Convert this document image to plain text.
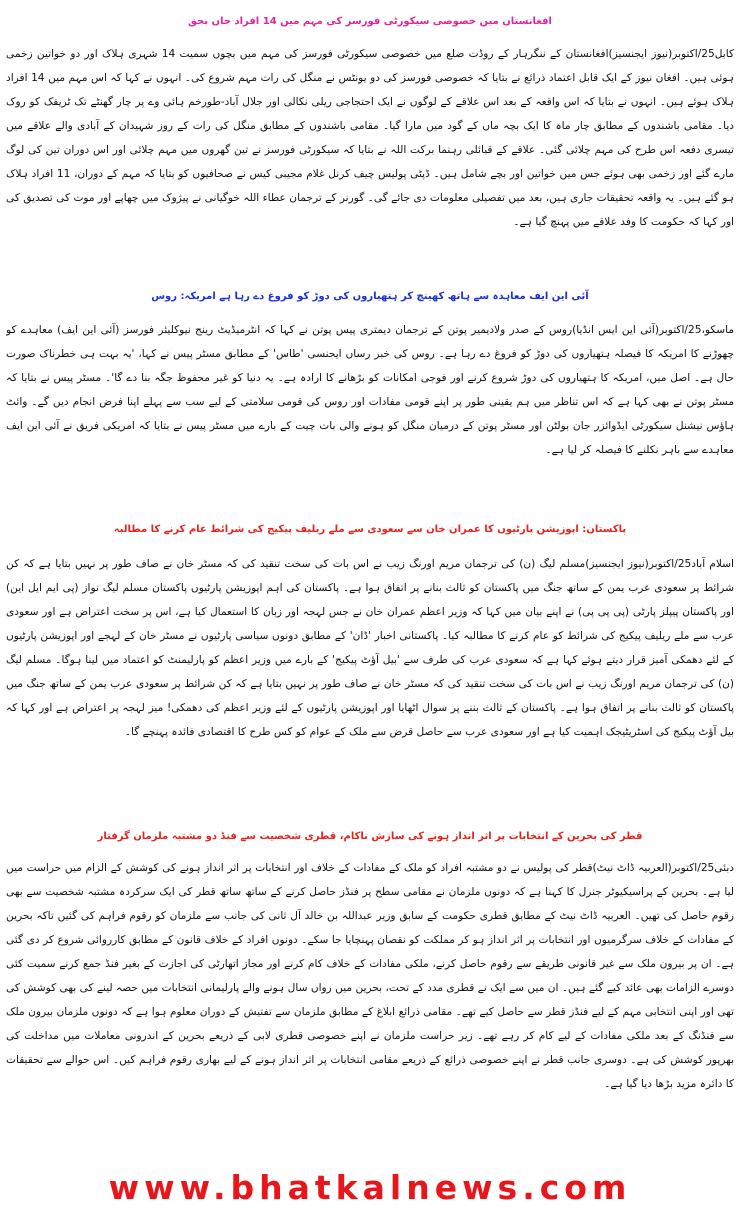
افغانستان میں خصوصی سیکورٹی فورسز کی مہم میں 14 افراد جاں بحق
کابل25/اکتوبر(نیوز ایجنسیز)افغانستان کے ننگرہار کے روڈت ضلع میں خصوصی سیکورٹی فورسز کی مہم میں بچوں سمیت 14 شہری ہلاک اور دو خواتین زخمی ہوئی ہیں۔ افغان نیوز کے ایک قابل اعتماد ذرائع نے بتایا کہ خصوصی فورسز کی دو یونٹس نے منگل کی رات مہم شروع کی۔ انہوں نے کہا کہ اس مہم میں 14 افراد ہلاک ہوئے ہیں۔ انہوں نے بتایا کہ اس واقعہ کے بعد اس علاقے کے لوگوں نے ایک احتجاجی ریلی نکالی اور جلال آباد-طورخم ہائی وے پر چار گھنٹے تک ٹریفک کو روک دیا۔ مقامی باشندوں کے مطابق چار ماہ کا ایک بچہ ماں کے گود میں مارا گیا۔ مقامی باشندوں کے مطابق منگل کی رات کے روز شہیدان کے آبادی والے علاقے میں تیسری دفعہ اس طرح کی مہم چلائی گئی۔ علاقے کے قبائلی رہنما برکت اللہ نے بتایا کہ سیکورٹی فورسز نے تین گھروں میں مہم چلائی اور اس دوران تین کی لوگ مارے گئے اور زخمی بھی ہوئے جس میں خواتین اور بچے شامل ہیں۔ ڈپٹی پولیس چیف کرنل غلام مجیبی کیس نے صحافیوں کو بتایا کہ مہم کے دوران، 11 افراد ہلاک ہو گئے ہیں۔ یہ واقعہ تحقیقات جاری ہیں، بعد میں تفصیلی معلومات دی جائے گی۔ گورنر کے ترجمان عطاء اللہ خوگیانی نے پیژوک میں چھاپے اور موت کی تصدیق کی اور کہا کہ حکومت کا وفد علاقے میں پہنچ گیا ہے۔
آئی این ایف معاہدہ سے ہاتھ کھینچ کر ہتھیاروں کی دوڑ کو فروغ دے رہا ہے امریکہ: روس
ماسکو،25/اکتوبر(آئی این ایس انڈیا)روس کے صدر ولادیمیر پوتن کے ترجمان دیمتری پیس پوتن نے کہا کہ انٹرمیڈیٹ رینج نیوکلیئر فورسز (آئی این ایف) معاہدے کو چھوڑنے کا امریکہ کا فیصلہ ہتھیاروں کی دوڑ کو فروغ دے رہا ہے۔ روس کی خبر رساں ایجنسی 'طاس' کے مطابق مسٹر پیس نے کہا، 'یہ بہت ہی خطرناک صورت حال ہے۔ اصل میں، امریکہ کا ہتھیاروں کی دوڑ شروع کرنے اور فوجی امکانات کو بڑھانے کا ارادہ ہے۔ یہ دنیا کو غیر محفوظ جگہ بنا دے گا'۔ مسٹر پیس نے بتایا کہ مسٹر پوتن نے بھی کہا ہے کہ اس تناظر میں ہم یقینی طور پر اپنے قومی مفادات اور روس کی قومی سلامتی کے لیے سب سے پہلے اپنا فرض انجام دیں گے۔ وائٹ ہاؤس نیشنل سیکورٹی ایڈوائزر جان بولٹن اور مسٹر پوتن کے درمیان منگل کو ہونے والی بات چیت کے بارے میں مسٹر پیس نے بتایا کہ امریکی فریق نے آئی این ایف معاہدے سے باہر نکلنے کا فیصلہ کر لیا ہے۔
پاکستان: اپوزیشن پارٹیوں کا عمران خان سے سعودی سے ملے ریلیف پیکیج کی شرائط عام کرنے کا مطالبہ
اسلام آباد25/اکتوبر(نیوز ایجنسیز)مسلم لیگ (ن) کی ترجمان مریم اورنگ زیب نے اس بات کی سخت تنقید کی کہ مسٹر خان نے صاف طور پر نہیں بتایا ہے کہ کن شرائط پر سعودی عرب یمن کے ساتھ جنگ میں پاکستان کو ثالث بنانے پر اتفاق ہوا ہے۔ پاکستان کی اہم اپوزیشن پارٹیوں پاکستان مسلم لیگ نواز (پی ایم ایل این) اور پاکستان پیپلز پارٹی (پی پی پی) نے اپنے بیان میں کہا کہ وزیر اعظم عمران خان نے جس لہجہ اور زبان کا استعمال کیا ہے، اس پر سخت اعتراض ہے اور سعودی عرب سے ملے ریلیف پیکیج کی شرائط کو عام کرنے کا مطالبہ کیا۔ پاکستانی اخبار 'ڈان' کے مطابق دونوں سیاسی پارٹیوں نے مسٹر خان کے لہجے اور اپوزیشن پارٹیوں کے لئے دھمکی آمیز قرار دیتے ہوئے کہا ہے کہ سعودی عرب کی طرف سے 'بیل آؤٹ پیکیج' کے بارے میں وزیر اعظم کو پارلیمنٹ کو اعتماد میں لینا ہوگا۔ مسلم لیگ (ن) کی ترجمان مریم اورنگ زیب نے اس بات کی سخت تنقید کی کہ مسٹر خان نے صاف طور پر نہیں بتایا ہے کہ کن شرائط پر سعودی عرب یمن کے ساتھ جنگ میں پاکستان کو ثالث بنانے پر اتفاق ہوا ہے۔ پاکستان کے ثالث بننے پر سوال اٹھایا اور اپوزیشن پارٹیوں کے لئے وزیر اعظم کی دھمکی! میز لہجہ پر اعتراض ہے اور کہا کہ بیل آؤٹ پیکیج کی اسٹریٹیجک اہمیت کیا ہے اور سعودی عرب سے حاصل قرض سے ملک کے عوام کو کس طرح کا اقتصادی فائدہ پہنچے گا۔
قطر کی بحرین کے انتخابات پر اثر انداز ہونے کی سازش ناکام، قطری شخصیت سے فنڈ دو مشتبہ ملزمان گرفتار
دبئی25/اکتوبر(العربیہ ڈاٹ نیٹ)قطر کی پولیس نے دو مشتبہ افراد کو ملک کے مفادات کے خلاف اور انتخابات پر اثر انداز ہونے کی کوشش کے الزام میں حراست میں لیا ہے۔ بحرین کے پراسیکیوٹر جنرل کا کہنا ہے کہ دونوں ملزمان نے مقامی سطح پر فنڈز حاصل کرنے کے ساتھ ساتھ قطر کی ایک سرکردہ مشتبہ شخصیت سے بھی رقوم حاصل کی تھیں۔ العربیہ ڈاٹ نیٹ کے مطابق قطری حکومت کے سابق وزیر عبداللہ بن خالد آل ثانی کی جانب سے ملزمان کو رقوم فراہم کی گئیں تاکہ بحرین کے مفادات کے خلاف سرگرمیوں اور انتخابات پر اثر انداز ہو کر مملکت کو نقصان پہنچایا جا سکے۔ دونوں افراد کے خلاف قانون کے مطابق کارروائی شروع کر دی گئی ہے۔ ان پر بیرون ملک سے غیر قانونی طریقے سے رقوم حاصل کرنے، ملکی مفادات کے خلاف کام کرنے اور مجاز اتھارٹی کی اجازت کے بغیر فنڈ جمع کرنے سمیت کئی دوسرے الزامات بھی عائد کیے گئے ہیں۔ ان میں سے ایک نے قطری مدد کے تحت، بحرین میں رواں سال ہونے والے پارلیمانی انتخابات میں حصہ لینے کی بھی کوشش کی تھی اور اپنی انتخابی مہم کے لیے فنڈز قطر سے حاصل کیے تھے۔ مقامی ذرائع ابلاغ کے مطابق ملزمان سے تفتیش کے دوران معلوم ہوا ہے کہ دونوں ملزمان بیرون ملک سے فنڈنگ کے بعد ملکی مفادات کے لیے کام کر رہے تھے۔ زیر حراست ملزمان نے اپنے خصوصی قطری لابی کے ذریعے بحرین کے اندرونی معاملات میں مداخلت کی بھرپور کوشش کی ہے۔ دوسری جانب قطر نے اپنے خصوصی ذرائع کے ذریعے مقامی انتخابات پر اثر انداز ہونے کے لیے بھاری رقوم فراہم کیں۔ اس حوالے سے تحقیقات کا دائرہ مزید بڑھا دیا گیا ہے۔
www.bhatkalnews.com
